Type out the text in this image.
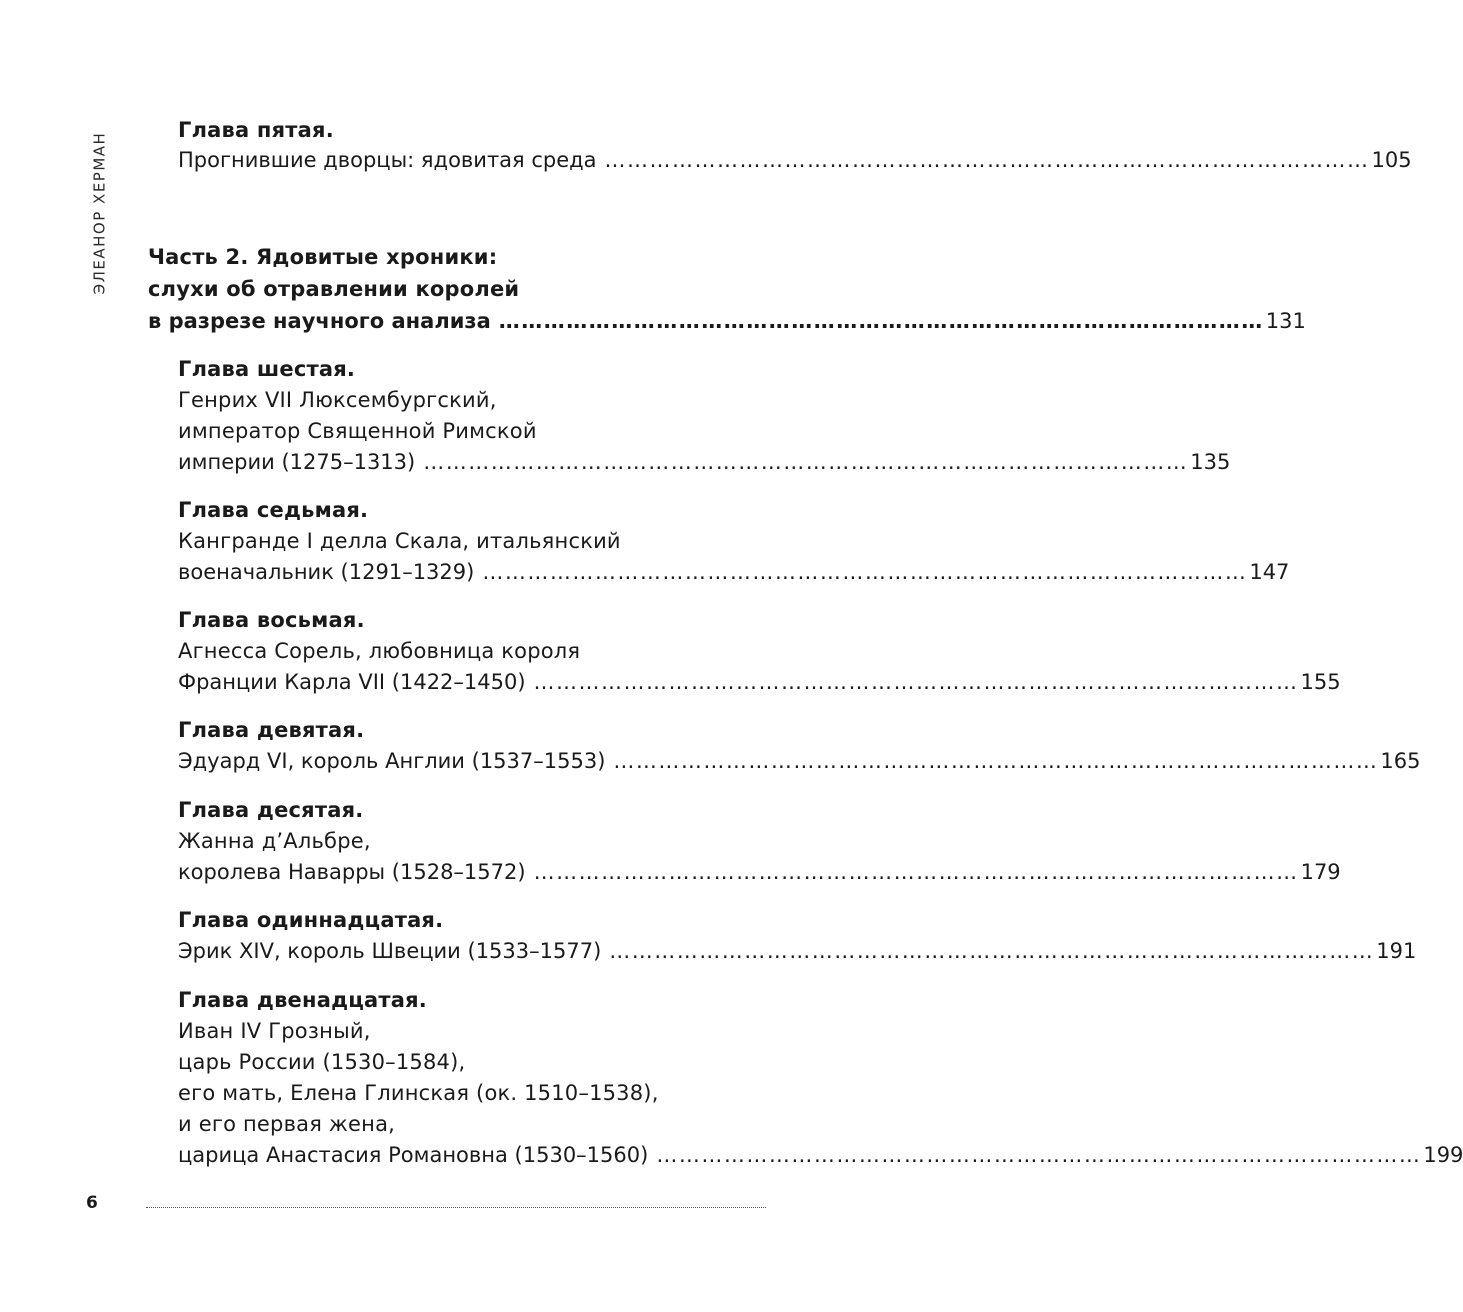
ЭЛЕАНОР ХЕРМАН
Глава пятая.
Прогнившие дворцы: ядовитая среда ………………………………………………………………………………………… 105
Часть 2. Ядовитые хроники:
слухи об отравлении королей
в разрезе научного анализа ………………………………………………………………………………………… 131
Глава шестая.
Генрих VII Люксембургский,
император Священной Римской
империи (1275–1313) ………………………………………………………………………………………… 135
Глава седьмая.
Кангранде I делла Скала, итальянский
военачальник (1291–1329) ………………………………………………………………………………………… 147
Глава восьмая.
Агнесса Сорель, любовница короля
Франции Карла VII (1422–1450) ………………………………………………………………………………………… 155
Глава девятая.
Эдуард VI, король Англии (1537–1553) ………………………………………………………………………………………… 165
Глава десятая.
Жанна д’Альбре,
королева Наварры (1528–1572) ………………………………………………………………………………………… 179
Глава одиннадцатая.
Эрик XIV, король Швеции (1533–1577) ………………………………………………………………………………………… 191
Глава двенадцатая.
Иван IV Грозный,
царь России (1530–1584),
его мать, Елена Глинская (ок. 1510–1538),
и его первая жена,
царица Анастасия Романовна (1530–1560) ………………………………………………………………………………………… 199
6
